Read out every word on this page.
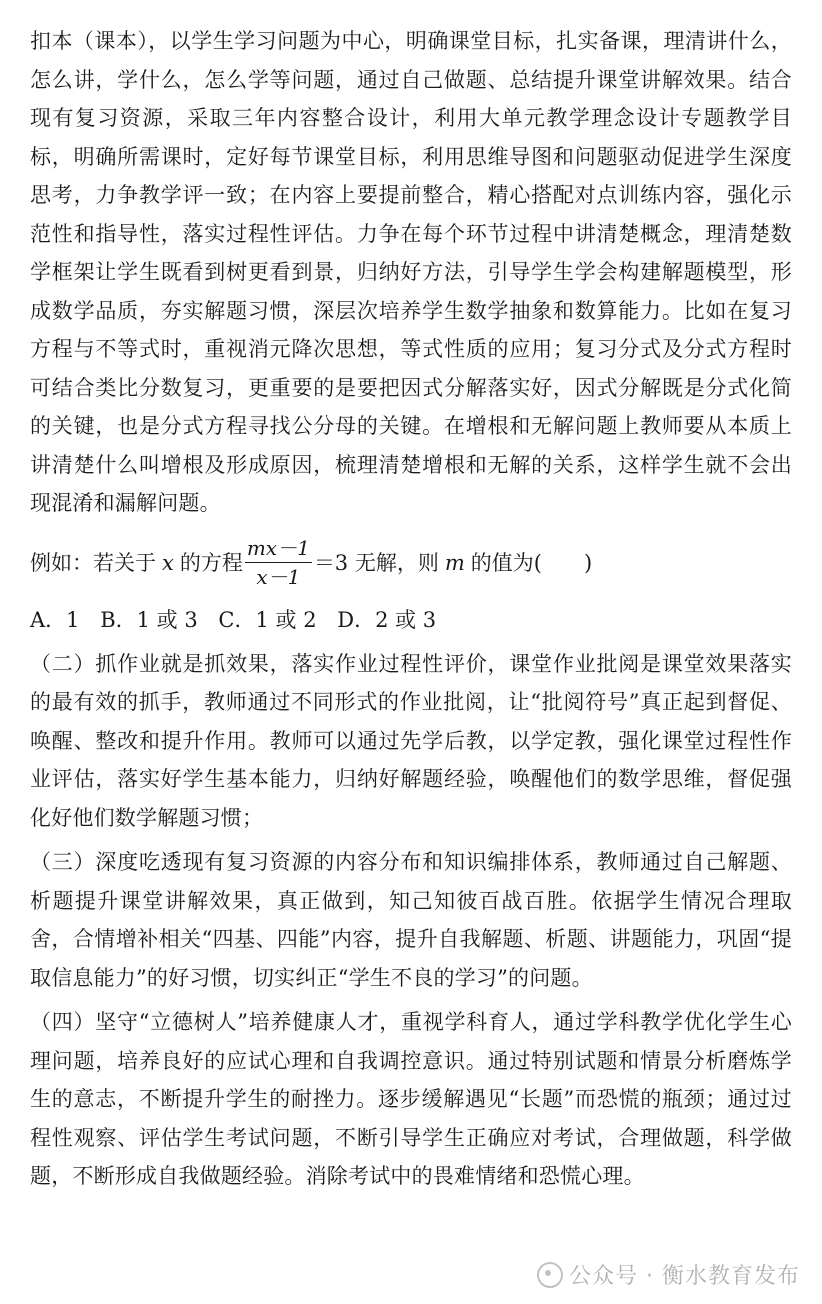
扣本（课本），以学生学习问题为中心，明确课堂目标，扎实备课，理清讲什么，怎么讲，学什么，怎么学等问题，通过自己做题、总结提升课堂讲解效果。结合现有复习资源，采取三年内容整合设计，利用大单元教学理念设计专题教学目标，明确所需课时，定好每节课堂目标，利用思维导图和问题驱动促进学生深度思考，力争教学评一致；在内容上要提前整合，精心搭配对点训练内容，强化示范性和指导性，落实过程性评估。力争在每个环节过程中讲清楚概念，理清楚数学框架让学生既看到树更看到景，归纳好方法，引导学生学会构建解题模型，形成数学品质，夯实解题习惯，深层次培养学生数学抽象和数算能力。比如在复习方程与不等式时，重视消元降次思想，等式性质的应用；复习分式及分式方程时可结合类比分数复习，更重要的是要把因式分解落实好，因式分解既是分式化简的关键，也是分式方程寻找公分母的关键。在增根和无解问题上教师要从本质上讲清楚什么叫增根及形成原因，梳理清楚增根和无解的关系，这样学生就不会出现混淆和漏解问题。

例如：若关于 x 的方程 $\frac{mx-1}{x-1} =3$ 无解，则 m 的值为(　　)
A．1 B．1 或 3 C．1 或 2 D．2 或 3

（二）抓作业就是抓效果，落实作业过程性评价，课堂作业批阅是课堂效果落实的最有效的抓手，教师通过不同形式的作业批阅，让“批阅符号”真正起到督促、唤醒、整改和提升作用。教师可以通过先学后教，以学定教，强化课堂过程性作业评估，落实好学生基本能力，归纳好解题经验，唤醒他们的数学思维，督促强化好他们数学解题习惯；

（三）深度吃透现有复习资源的内容分布和知识编排体系，教师通过自己解题、析题提升课堂讲解效果，真正做到，知己知彼百战百胜。依据学生情况合理取舍，合情增补相关“四基、四能”内容，提升自我解题、析题、讲题能力，巩固“提取信息能力”的好习惯，切实纠正“学生不良的学习”的问题。

（四）坚守“立德树人”培养健康人才，重视学科育人，通过学科教学优化学生心理问题，培养良好的应试心理和自我调控意识。通过特别试题和情景分析磨炼学生的意志，不断提升学生的耐挫力。逐步缓解遇见“长题”而恐慌的瓶颈；通过过程性观察、评估学生考试问题，不断引导学生正确应对考试，合理做题，科学做题，不断形成自我做题经验。消除考试中的畏难情绪和恐慌心理。

公众号 · 衡水教育发布
